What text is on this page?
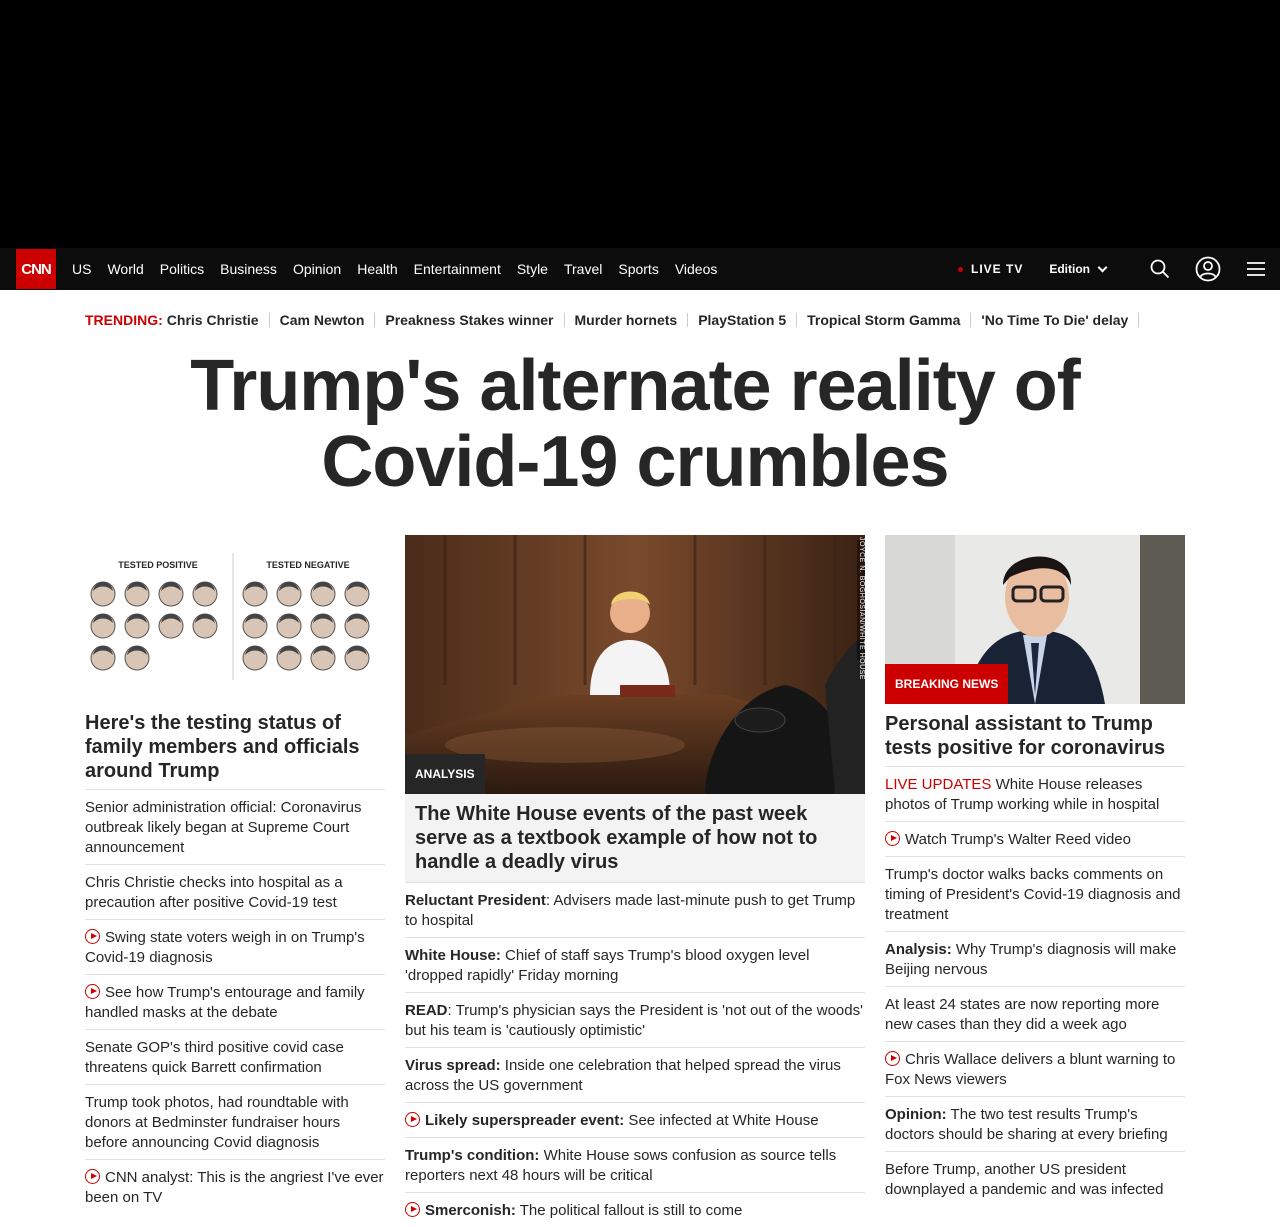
CNN	US World Politics Business Opinion Health Entertainment Style Travel Sports Videos	LIVE TV Edition
TRENDING: Chris Christie Cam Newton Preakness Stakes winner Murder hornets PlayStation 5 Tropical Storm Gamma 'No Time To Die' delay
Trump's alternate reality of
Covid-19 crumbles
TESTED POSITIVE	TESTED NEGATIVE
Here's the testing status of family members and officials around Trump
Senior administration official: Coronavirus outbreak likely began at Supreme Court announcement
Chris Christie checks into hospital as a precaution after positive Covid-19 test
Swing state voters weigh in on Trump's Covid-19 diagnosis
See how Trump's entourage and family handled masks at the debate
Senate GOP's third positive covid case threatens quick Barrett confirmation
Trump took photos, had roundtable with donors at Bedminster fundraiser hours before announcing Covid diagnosis
CNN analyst: This is the angriest I've ever been on TV
JOYCE N. BOGHOSIAN/WHITE HOUSE
ANALYSIS
The White House events of the past week serve as a textbook example of how not to handle a deadly virus
Reluctant President: Advisers made last-minute push to get Trump to hospital
White House: Chief of staff says Trump's blood oxygen level 'dropped rapidly' Friday morning
READ: Trump's physician says the President is 'not out of the woods' but his team is 'cautiously optimistic'
Virus spread: Inside one celebration that helped spread the virus across the US government
Likely superspreader event: See infected at White House
Trump's condition: White House sows confusion as source tells reporters next 48 hours will be critical
Smerconish: The political fallout is still to come
BREAKING NEWS
Personal assistant to Trump tests positive for coronavirus
LIVE UPDATES White House releases photos of Trump working while in hospital
Watch Trump's Walter Reed video
Trump's doctor walks backs comments on timing of President's Covid-19 diagnosis and treatment
Analysis: Why Trump's diagnosis will make Beijing nervous
At least 24 states are now reporting more new cases than they did a week ago
Chris Wallace delivers a blunt warning to Fox News viewers
Opinion: The two test results Trump's doctors should be sharing at every briefing
Before Trump, another US president downplayed a pandemic and was infected
